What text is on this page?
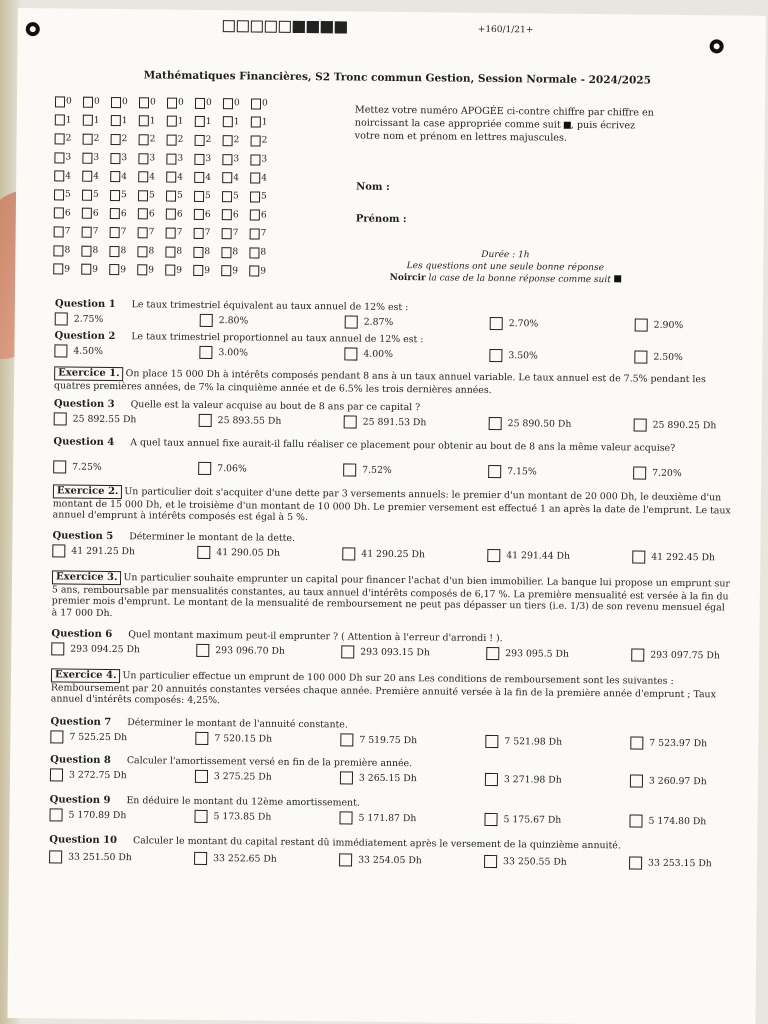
+160/1/21+
Mathématiques Financières, S2 Tronc commun Gestion, Session Normale - 2024/2025
0 0 0 0 0 0 0 0
1 1 1 1 1 1 1 1
2 2 2 2 2 2 2 2
3 3 3 3 3 3 3 3
4 4 4 4 4 4 4 4
5 5 5 5 5 5 5 5
6 6 6 6 6 6 6 6
7 7 7 7 7 7 7 7
8 8 8 8 8 8 8 8
9 9 9 9 9 9 9 9
Mettez votre numéro APOGÉE ci-contre chiffre par chiffre en noircissant la case appropriée comme suit , puis écrivez votre nom et prénom en lettres majuscules.
Nom :
Prénom :
Durée : 1h
Les questions ont une seule bonne réponse
Noircir la case de la bonne réponse comme suit
Question 1 Le taux trimestriel équivalent au taux annuel de 12% est :
2.75%	2.80%	2.87%	2.70%	2.90%
Question 2 Le taux trimestriel proportionnel au taux annuel de 12% est :
4.50%	3.00%	4.00%	3.50%	2.50%
Exercice 1. On place 15 000 Dh à intérêts composés pendant 8 ans à un taux annuel variable. Le taux annuel est de 7.5% pendant les quatres premières années, de 7% la cinquième année et de 6.5% les trois dernières années.
Question 3 Quelle est la valeur acquise au bout de 8 ans par ce capital ?
25 892.55 Dh	25 893.55 Dh	25 891.53 Dh	25 890.50 Dh	25 890.25 Dh
Question 4 A quel taux annuel fixe aurait-il fallu réaliser ce placement pour obtenir au bout de 8 ans la même valeur acquise?
7.25%	7.06%	7.52%	7.15%	7.20%
Exercice 2. Un particulier doit s'acquiter d'une dette par 3 versements annuels: le premier d'un montant de 20 000 Dh, le deuxième d'un montant de 15 000 Dh, et le troisième d'un montant de 10 000 Dh. Le premier versement est effectué 1 an après la date de l'emprunt. Le taux annuel d'emprunt à intérêts composés est égal à 5 %.
Question 5 Déterminer le montant de la dette.
41 291.25 Dh	41 290.05 Dh	41 290.25 Dh	41 291.44 Dh	41 292.45 Dh
Exercice 3. Un particulier souhaite emprunter un capital pour financer l'achat d'un bien immobilier. La banque lui propose un emprunt sur 5 ans, remboursable par mensualités constantes, au taux annuel d'intérêts composés de 6,17 %. La première mensualité est versée à la fin du premier mois d'emprunt. Le montant de la mensualité de remboursement ne peut pas dépasser un tiers (i.e. 1/3) de son revenu mensuel égal à 17 000 Dh.
Question 6 Quel montant maximum peut-il emprunter ? ( Attention à l'erreur d'arrondi ! ).
293 094.25 Dh	293 096.70 Dh	293 093.15 Dh	293 095.5 Dh	293 097.75 Dh
Exercice 4. Un particulier effectue un emprunt de 100 000 Dh sur 20 ans Les conditions de remboursement sont les suivantes : Remboursement par 20 annuités constantes versées chaque année. Première annuité versée à la fin de la première année d'emprunt ; Taux annuel d'intérêts composés: 4,25%.
Question 7 Déterminer le montant de l'annuité constante.
7 525.25 Dh	7 520.15 Dh	7 519.75 Dh	7 521.98 Dh	7 523.97 Dh
Question 8 Calculer l'amortissement versé en fin de la première année.
3 272.75 Dh	3 275.25 Dh	3 265.15 Dh	3 271.98 Dh	3 260.97 Dh
Question 9 En déduire le montant du 12ème amortissement.
5 170.89 Dh	5 173.85 Dh	5 171.87 Dh	5 175.67 Dh	5 174.80 Dh
Question 10 Calculer le montant du capital restant dû immédiatement après le versement de la quinzième annuité.
33 251.50 Dh	33 252.65 Dh	33 254.05 Dh	33 250.55 Dh	33 253.15 Dh
